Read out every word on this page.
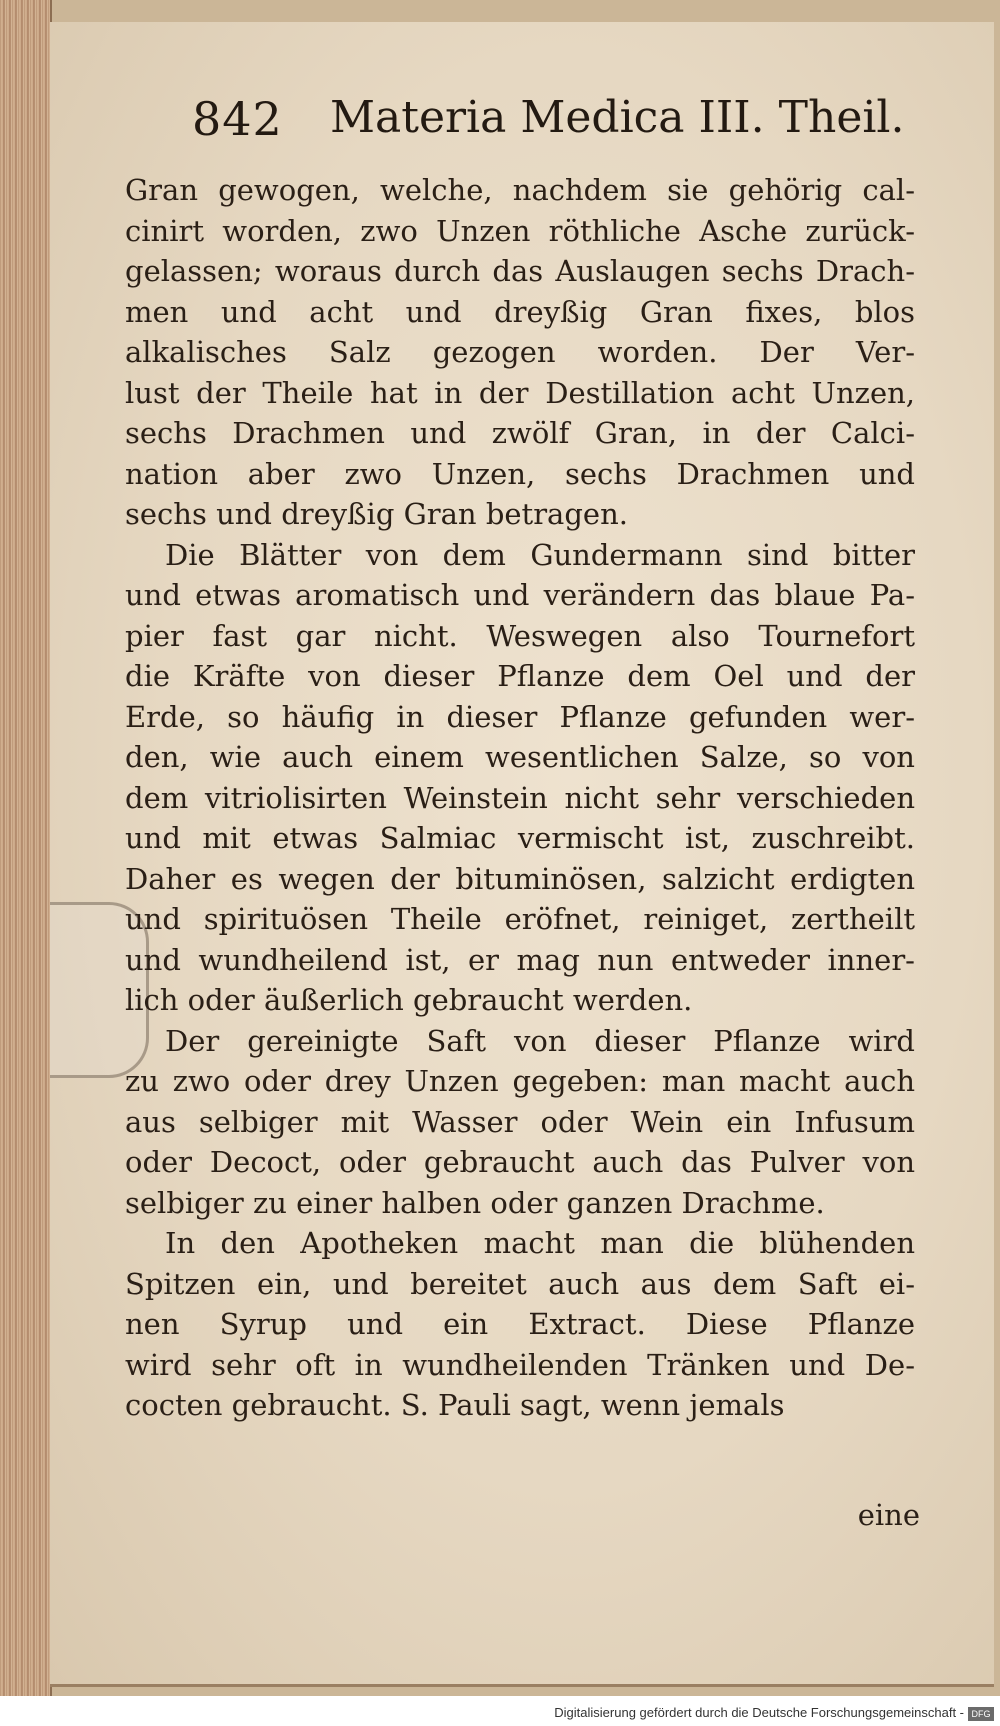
842 Materia Medica III. Theil.
Gran gewogen, welche, nachdem sie gehörig cal-
cinirt worden, zwo Unzen röthliche Asche zurück-
gelassen; woraus durch das Auslaugen sechs Drach-
men und acht und dreyßig Gran fixes, blos
alkalisches Salz gezogen worden. Der Ver-
lust der Theile hat in der Destillation acht Unzen,
sechs Drachmen und zwölf Gran, in der Calci-
nation aber zwo Unzen, sechs Drachmen und
sechs und dreyßig Gran betragen.
Die Blätter von dem Gundermann sind bitter
und etwas aromatisch und verändern das blaue Pa-
pier fast gar nicht. Weswegen also Tournefort
die Kräfte von dieser Pflanze dem Oel und der
Erde, so häufig in dieser Pflanze gefunden wer-
den, wie auch einem wesentlichen Salze, so von
dem vitriolisirten Weinstein nicht sehr verschieden
und mit etwas Salmiac vermischt ist, zuschreibt.
Daher es wegen der bituminösen, salzicht erdigten
und spirituösen Theile eröfnet, reiniget, zertheilt
und wundheilend ist, er mag nun entweder inner-
lich oder äußerlich gebraucht werden.
Der gereinigte Saft von dieser Pflanze wird
zu zwo oder drey Unzen gegeben: man macht auch
aus selbiger mit Wasser oder Wein ein Infusum
oder Decoct, oder gebraucht auch das Pulver von
selbiger zu einer halben oder ganzen Drachme.
In den Apotheken macht man die blühenden
Spitzen ein, und bereitet auch aus dem Saft ei-
nen Syrup und ein Extract. Diese Pflanze
wird sehr oft in wundheilenden Tränken und De-
cocten gebraucht. S. Pauli sagt, wenn jemals
eine
Digitalisierung gefördert durch die Deutsche Forschungsgemeinschaft - DFG
